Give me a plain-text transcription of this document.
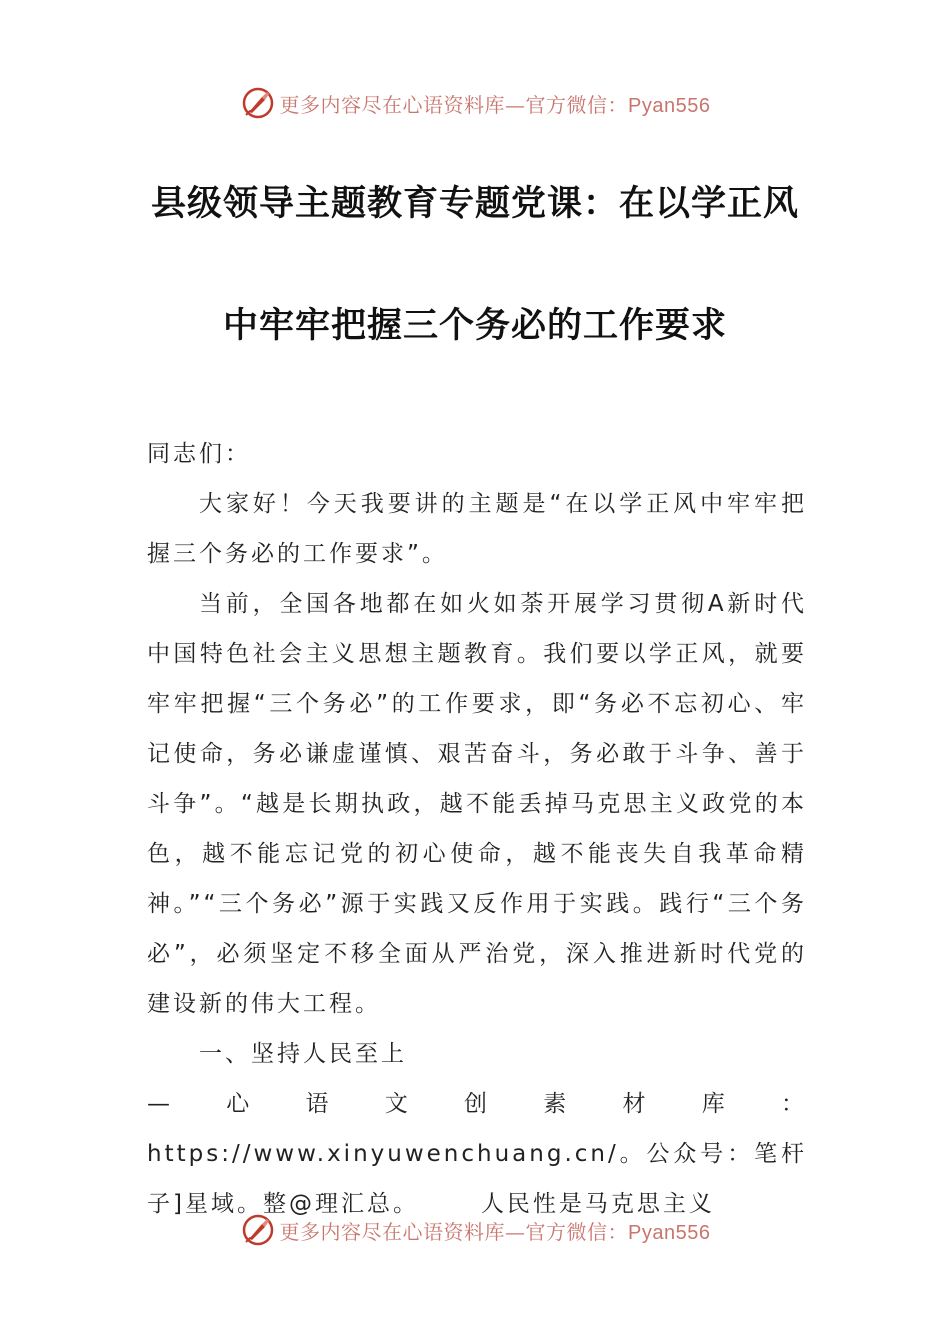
更多内容尽在心语资料库—官方微信：Pyan556
县级领导主题教育专题党课：在以学正风
中牢牢把握三个务必的工作要求

同志们：

大家好！今天我要讲的主题是“在以学正风中牢牢把握三个务必的工作要求”。

当前，全国各地都在如火如荼开展学习贯彻A新时代中国特色社会主义思想主题教育。我们要以学正风，就要牢牢把握“三个务必”的工作要求，即“务必不忘初心、牢记使命，务必谦虚谨慎、艰苦奋斗，务必敢于斗争、善于斗争”。“越是长期执政，越不能丢掉马克思主义政党的本色，越不能忘记党的初心使命，越不能丧失自我革命精神。”“三个务必”源于实践又反作用于实践。践行“三个务必”，必须坚定不移全面从严治党，深入推进新时代党的建设新的伟大工程。

一、坚持人民至上

—心语文创素材库：https://www.xinyuwenchuang.cn/。公众号：笔杆子]星域。整@理汇总。      人民性是马克思主义

更多内容尽在心语资料库—官方微信：Pyan556
